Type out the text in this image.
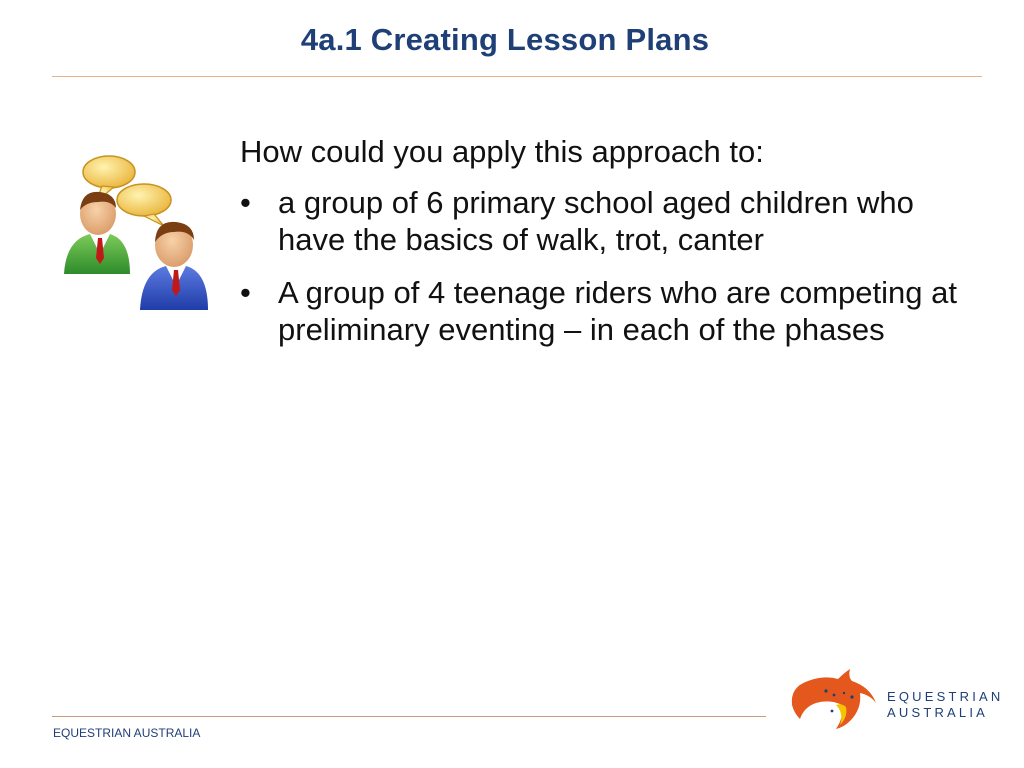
4a.1 Creating Lesson Plans
How could you apply this approach to:
• a group of 6 primary school aged children who have the basics of walk, trot, canter
• A group of 4 teenage riders who are competing at preliminary eventing – in each of the phases
EQUESTRIAN AUSTRALIA
EQUESTRIAN
AUSTRALIA
